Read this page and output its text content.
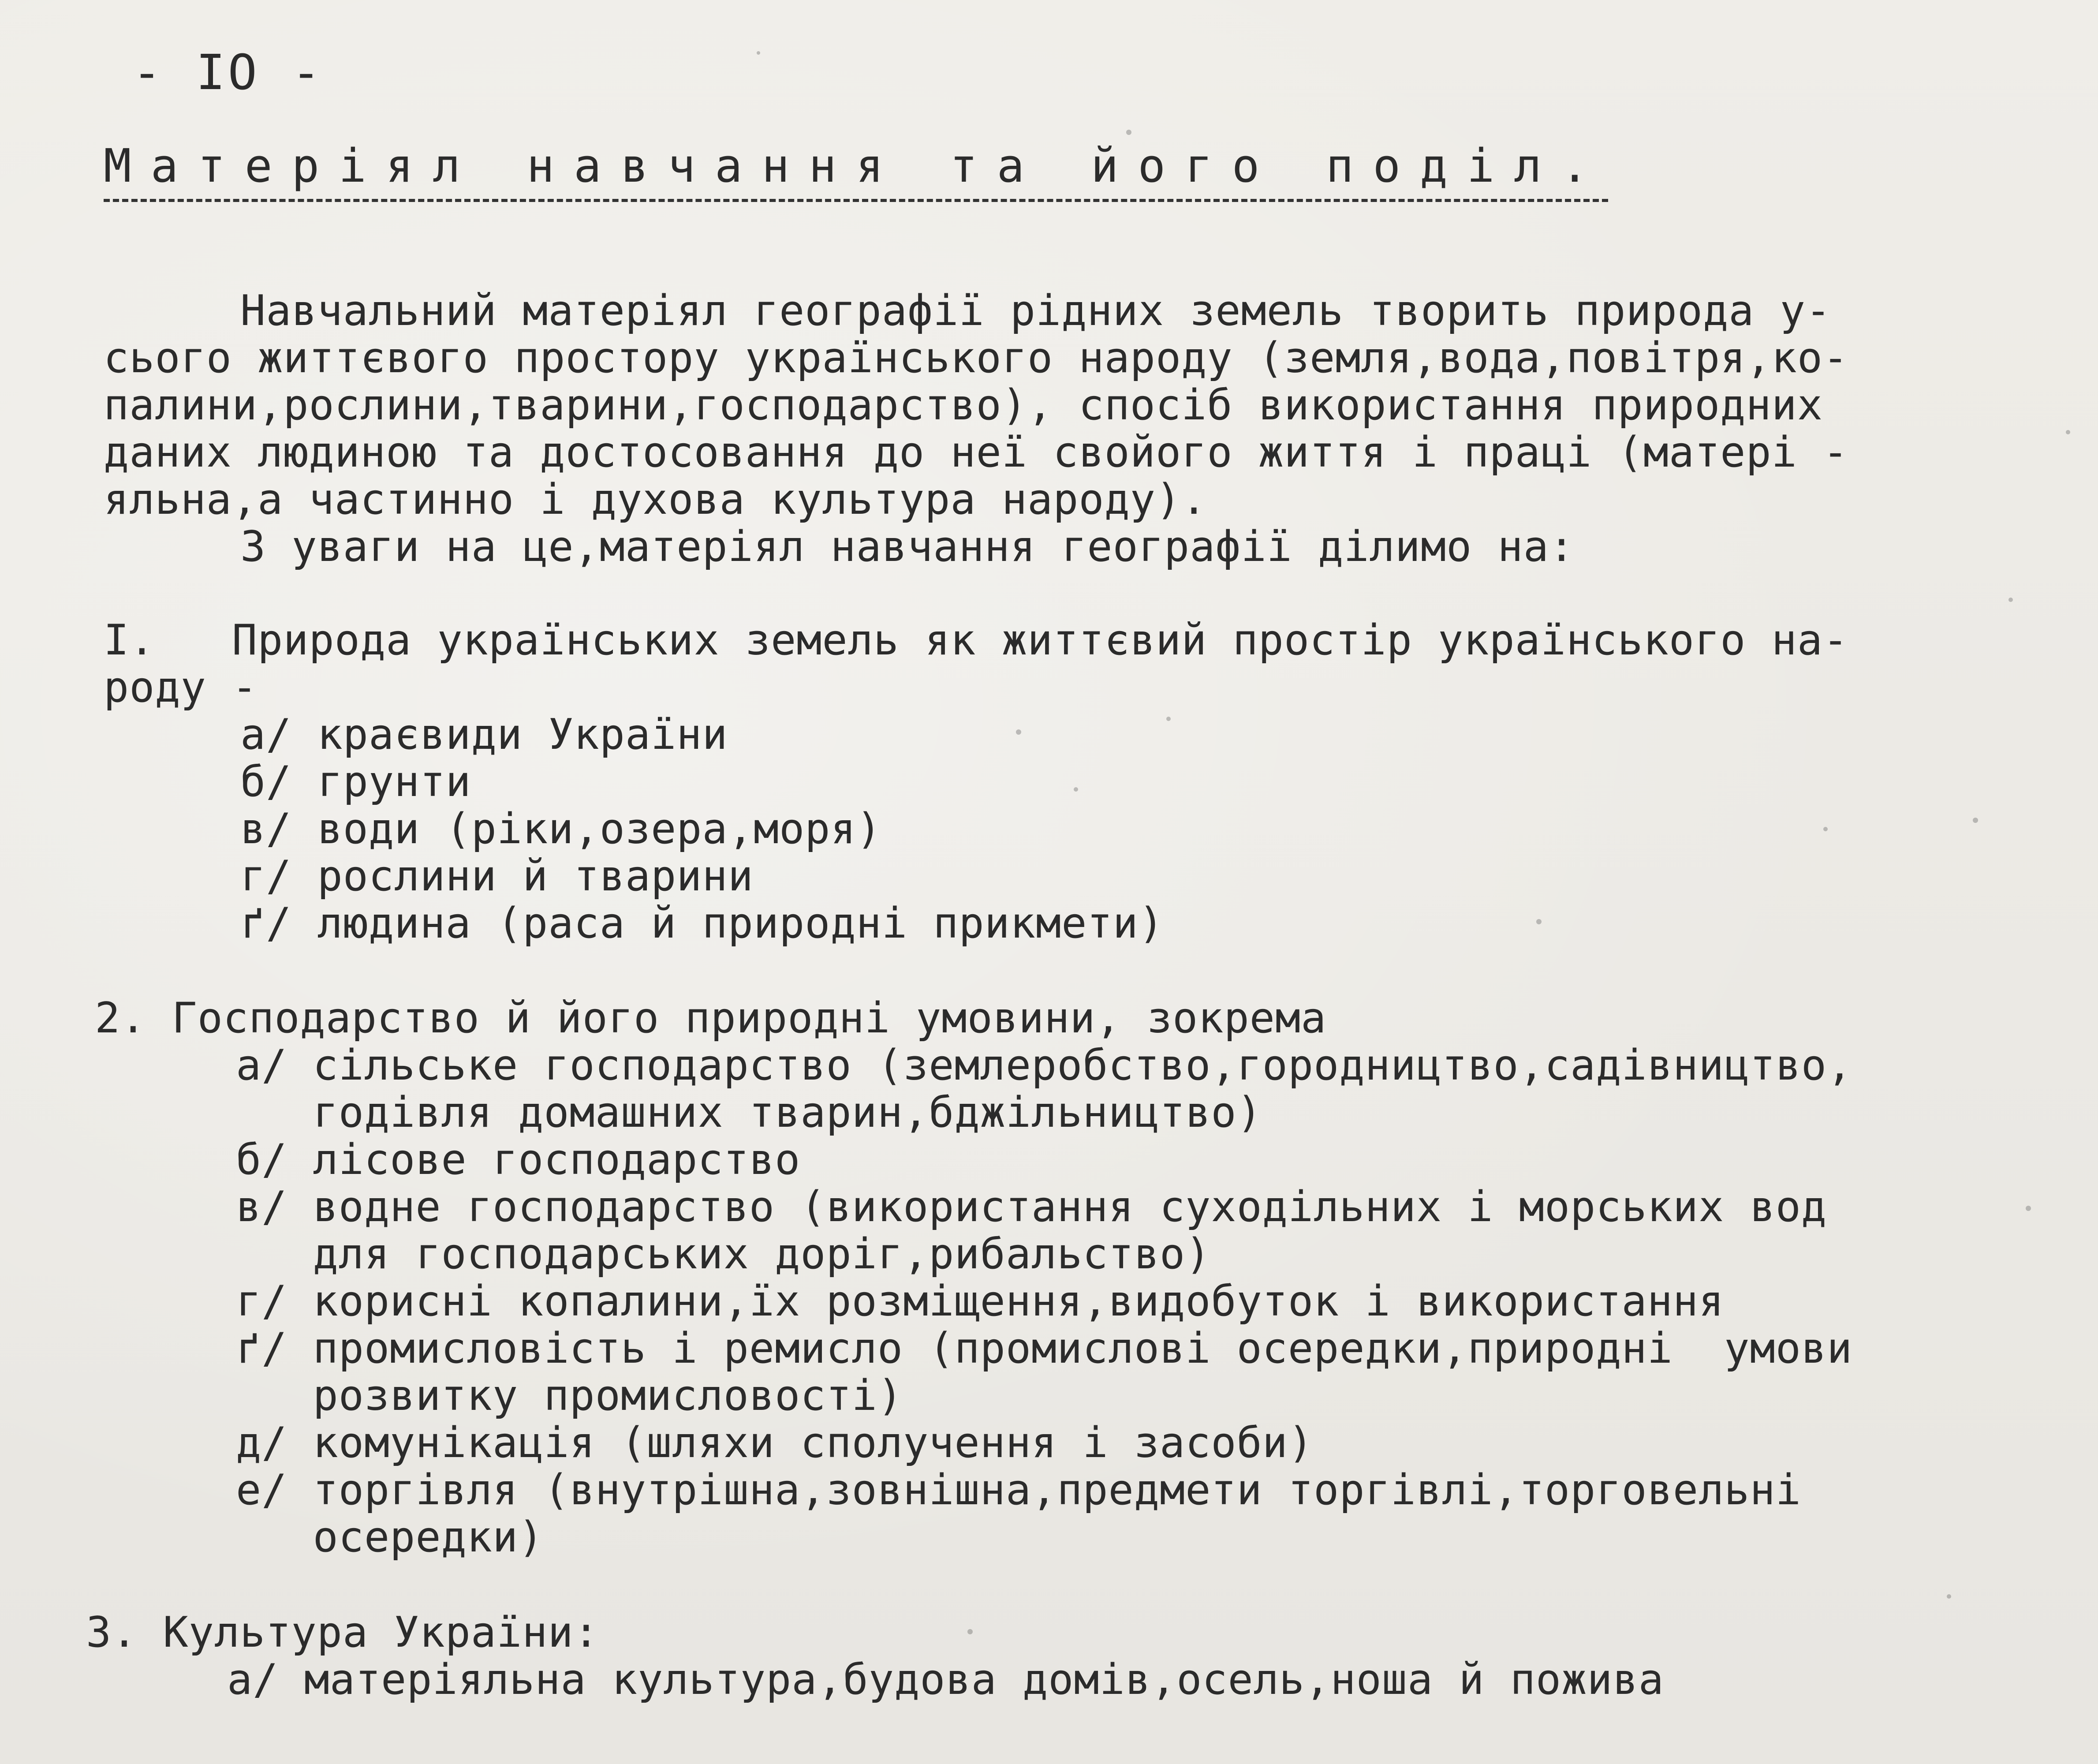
- IO -
Матеріял навчання та його поділ.
Навчальний матеріял географії рідних земель творить природа у-
сього життєвого простору українського народу (земля,вода,повітря,ко-
палини,рослини,тварини,господарство), спосіб використання природних
даних людиною та достосовання до неї свойого життя і праці (матері -
яльна,а частинно і духова культура народу).
З уваги на це,матеріял навчання географії ділимо на:
I.   Природа українських земель як життєвий простір українського на-
роду -
а/ краєвиди України
б/ грунти
в/ води (ріки,озера,моря)
г/ рослини й тварини
ґ/ людина (раса й природні прикмети)
2. Господарство й його природні умовини, зокрема
а/ сільське господарство (землеробство,городництво,садівництво,
годівля домашних тварин,бджільництво)
б/ лісове господарство
в/ водне господарство (використання суходільних і морських вод
для господарських доріг,рибальство)
г/ корисні копалини,їх розміщення,видобуток і використання
ґ/ промисловість і ремисло (промислові осередки,природні  умови
розвитку промисловості)
д/ комунікація (шляхи сполучення і засоби)
е/ торгівля (внутрішна,зовнішна,предмети торгівлі,торговельні
осередки)
3. Культура України:
а/ матеріяльна культура,будова домів,осель,ноша й пожива
